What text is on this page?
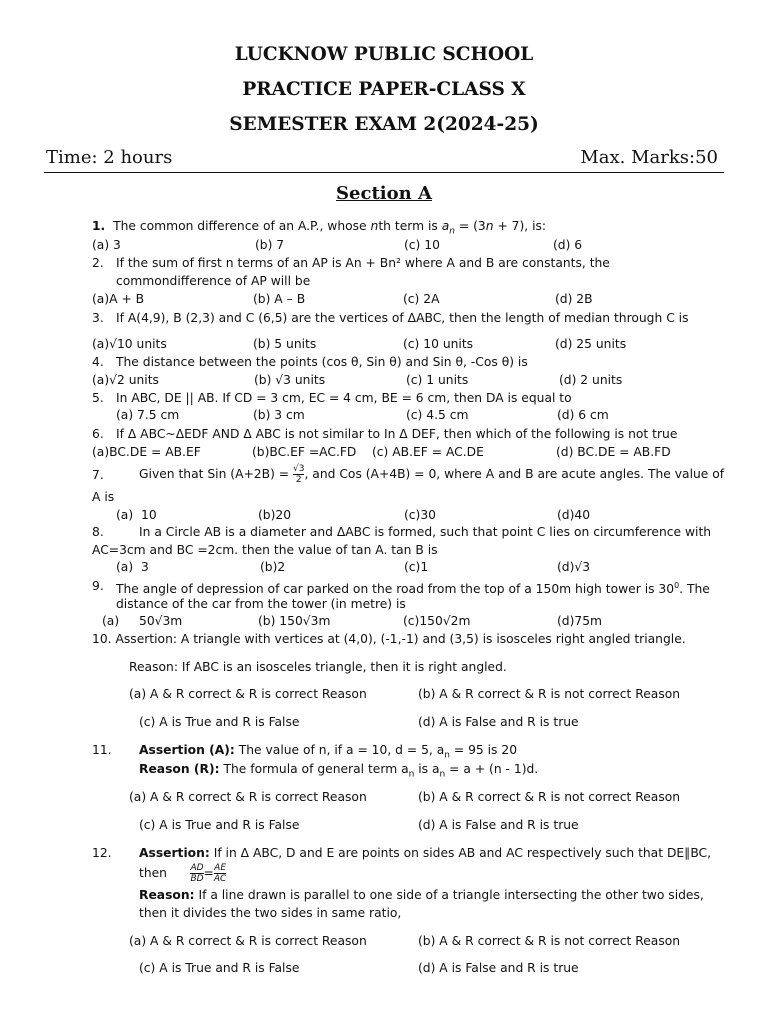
LUCKNOW PUBLIC SCHOOL
PRACTICE PAPER-CLASS X
SEMESTER EXAM 2(2024-25)
Time: 2 hours	Max. Marks:50
Section A
1. The common difference of an A.P., whose nth term is $a_n = (3n + 7)$, is:
(a) 3	(b) 7	(c) 10	(d) 6
2. If the sum of first n terms of an AP is An + Bn² where A and B are constants, the
commondifference of AP will be
(a)A + B	(b) A – B	(c) 2A	(d) 2B
3. If A(4,9), B (2,3) and C (6,5) are the vertices of ΔABC, then the length of median through C is
(a)√10 units	(b) 5 units	(c) 10 units	(d) 25 units
4. The distance between the points (cos θ, Sin θ) and Sin θ, -Cos θ) is
(a)√2 units	(b) √3 units	(c) 1 units	(d) 2 units
5. In ABC, DE || AB. If CD = 3 cm, EC = 4 cm, BE = 6 cm, then DA is equal to
(a) 7.5 cm	(b) 3 cm	(c) 4.5 cm	(d) 6 cm
6. If Δ ABC~ΔEDF AND Δ ABC is not similar to In Δ DEF, then which of the following is not true
(a)BC.DE = AB.EF	(b)BC.EF =AC.FD (c) AB.EF = AC.DE	(d) BC.DE = AB.FD
7.	Given that Sin $(A+2B) = \frac{√3}{2}$ , and Cos (A+4B) = 0, where A and B are acute angles. The value of
A is
(a) 10	(b)20	(c)30	(d)40
8.	In a Circle AB is a diameter and ΔABC is formed, such that point C lies on circumference with
AC=3cm and BC =2cm. then the value of tan A. tan B is
(a) 3	(b)2	(c)1	(d)√3
9. The angle of depression of car parked on the road from the top of a 150m high tower is $30^0$. The
distance of the car from the tower (in metre) is
(a) 50√3m	(b) 150√3m	(c)150√2m	(d)75m
10. Assertion: A triangle with vertices at (4,0), (-1,-1) and (3,5) is isosceles right angled triangle.
Reason: If ABC is an isosceles triangle, then it is right angled.
(a) A & R correct & R is correct Reason	(b) A & R correct & R is not correct Reason
(c) A is True and R is False	(d) A is False and R is true
11. Assertion (A): The value of n, if a = 10, d = 5, $a_n = 95$ is 20
Reason (R): The formula of general term $a_n$ is $a_n = a + (n - 1)d$.
(a) A & R correct & R is correct Reason	(b) A & R correct & R is not correct Reason
(c) A is True and R is False	(d) A is False and R is true
12. Assertion: If in Δ ABC, D and E are points on sides AB and AC respectively such that DE∥BC,
then	$\frac{AD}{BD} = \frac{AE}{AC}$
Reason: If a line drawn is parallel to one side of a triangle intersecting the other two sides,
then it divides the two sides in same ratio,
(a) A & R correct & R is correct Reason	(b) A & R correct & R is not correct Reason
(c) A is True and R is False	(d) A is False and R is true
